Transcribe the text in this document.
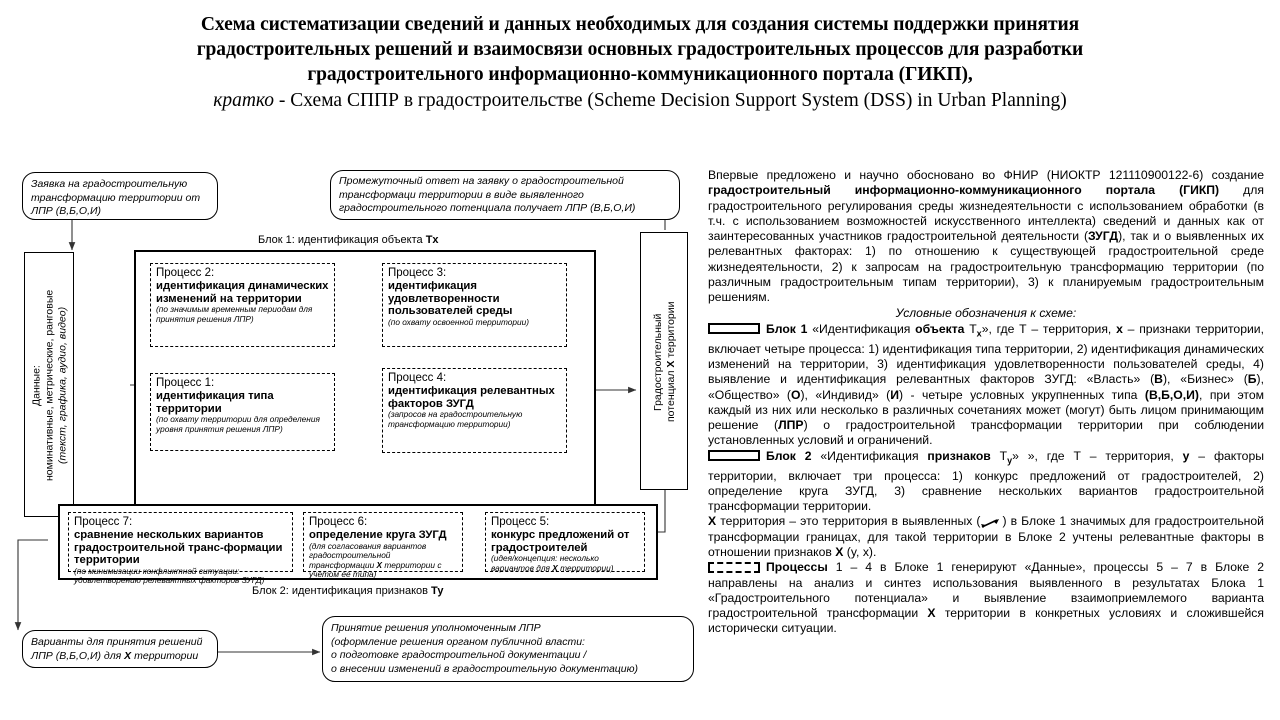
Схема систематизации сведений и данных необходимых для создания системы поддержки принятия
градостроительных решений и взаимосвязи основных градостроительных процессов для разработки
градостроительного информационно-коммуникационного портала (ГИКП),
кратко - Схема СППР в градостроительстве (Scheme Decision Support System (DSS) in Urban Planning)
Заявка на градостроительную трансформацию территории от ЛПР (В,Б,О,И)
Промежуточный ответ на заявку о градостроительной трансформаци территории в виде выявленного градостроительного потенциала получает ЛПР (В,Б,О,И)
Данные:
номинативные, метрические, ранговые
(текст, графика, аудио, видео)	Градостроительный
потенциал X территории
Блок 1: идентификация объекта Тx
Процесс 2:
идентификация динамических изменений на территории
(по значимым временным периодам для принятия решения ЛПР)
Процесс 3:
идентификация удовлетворенности пользователей среды
(по охвату освоенной территории)
Процесс 1:
идентификация типа территории
(по охвату территории для определения уровня принятия решения ЛПР)
Процесс 4:
идентификация релевантных факторов ЗУГД
(запросов на градостроительную трансформацию территории)
Процесс 7:
сравнение нескольких вариантов градостроительной транс-формации территории
(по минимизации конфликтной ситуации: удовлетворению релевантных факторов ЗУГД)
Процесс 6:
определение круга ЗУГД
(для согласования вариантов градостроительной трансформации X территории с учетом ее типа)
Процесс 5:
конкурс предложений от градостроителей
(идея/концепция: несколько вариантов для X территории)
Блок 2: идентификация признаков Ту
Варианты для принятия решений
ЛПР (В,Б,О,И) для X территории
Принятие решения уполномоченным ЛПР
(оформление решения органом публичной власти:
о подготовке градостроительной документации /
о внесении изменений в градостроительную документацию)

Впервые предложено и научно обосновано во ФНИР (НИОКТР 121110900122-6) создание градостроительный информационно-коммуникационного портала (ГИКП) для градостроительного регулирования среды жизнедеятельности с использованием обработки (в т.ч. с использованием возможностей искусственного интеллекта) сведений и данных как от заинтересованных участников градостроительной деятельности (ЗУГД), так и о выявленных их релевантных факторах: 1) по отношению к существующей градостроительной среде жизнедеятельности, 2) к запросам на градостроительную трансформацию территории (по различным градостроительным типам территории), 3) к планируемым градостроительным решениям.

Условные обозначения к схеме:

Блок 1 «Идентификация объекта $Т_x$», где Т – территория, x – признаки территории, включает четыре процесса: 1) идентификация типа территории, 2) идентификация динамических изменений на территории, 3) идентификация удовлетворенности пользователей среды, 4) выявление и идентификация релевантных факторов ЗУГД: «Власть» (В), «Бизнес» (Б), «Общество» (О), «Индивид» (И) - четыре условных укрупненных типа (В,Б,О,И), при этом каждый из них или несколько в различных сочетаниях может (могут) быть лицом принимающим решение (ЛПР) о градостроительной трансформации территории при соблюдении установленных условий и ограничений.

Блок 2 «Идентификация признаков $Т_y$» », где Т – территория, y – факторы территории, включает три процесса: 1) конкурс предложений от градостроителей, 2) определение круга ЗУГД, 3) сравнение нескольких вариантов градостроительной трансформации территории.

X территория – это территория в выявленных ( ) в Блоке 1 значимых для градостроительной трансформации границах, для такой территории в Блоке 2 учтены релевантные факторы в отношении признаков X (y, x).

Процессы 1 – 4 в Блоке 1 генерируют «Данные», процессы 5 – 7 в Блоке 2 направлены на анализ и синтез использования выявленного в результатах Блока 1 «Градостроительного потенциала» и выявление взаимоприемлемого варианта градостроительной трансформации X территории в конкретных условиях и сложившейся исторически ситуации.
